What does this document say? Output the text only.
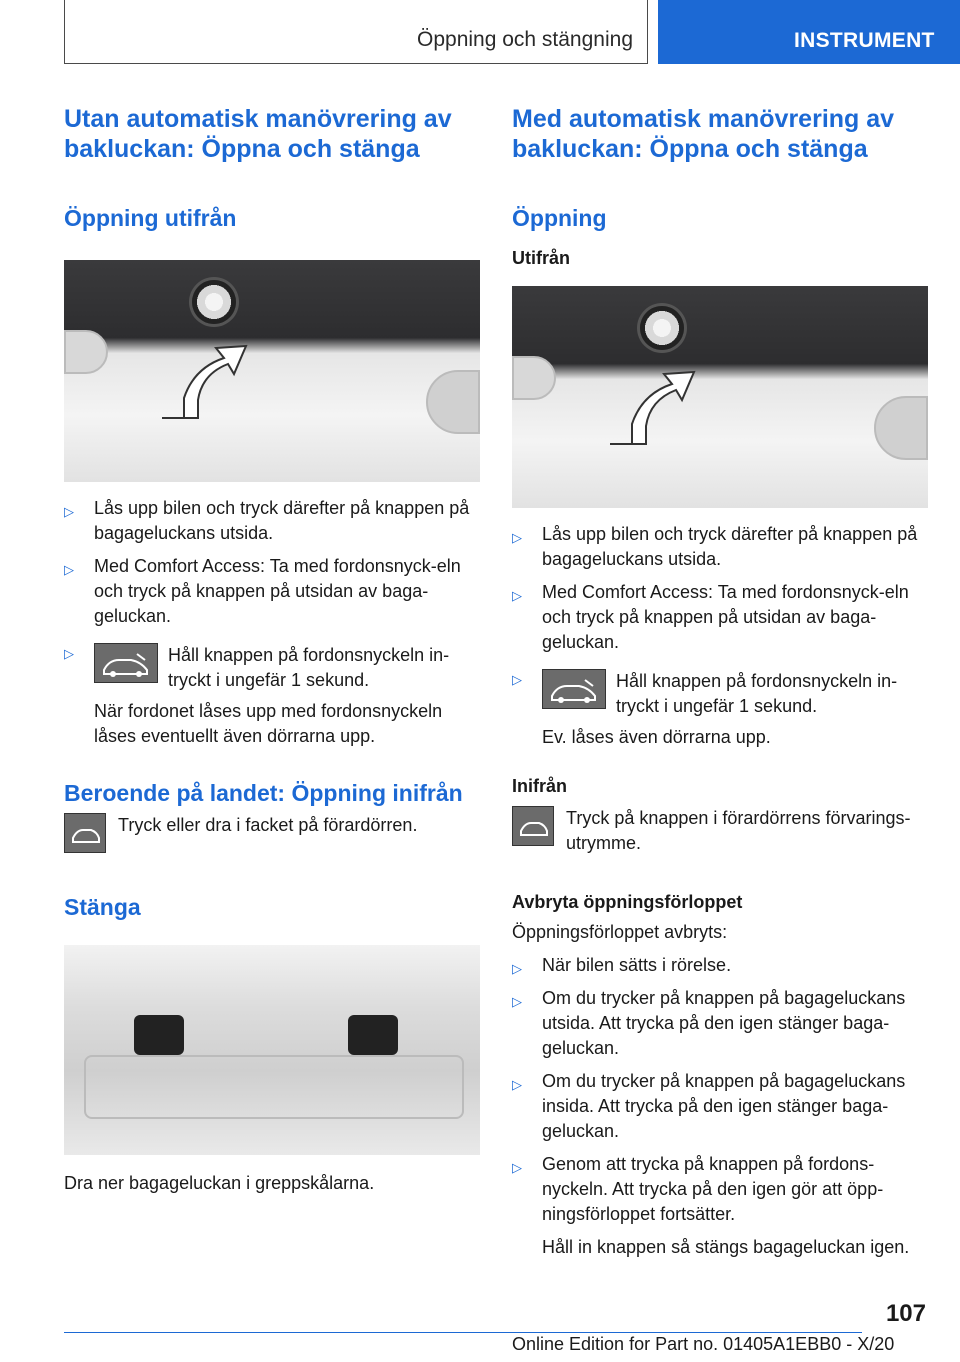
Öppning och stängning	INSTRUMENT
Utan automatisk manövrering av bakluckan: Öppna och stänga
Öppning utifrån
▷ Lås upp bilen och tryck därefter på knappen på bagageluckans utsida.
▷ Med Comfort Access: Ta med fordonsnyck-eln och tryck på knappen på utsidan av baga-geluckan.
▷	Håll knappen på fordonsnyckeln in-tryckt i ungefär 1 sekund.

När fordonet låses upp med fordonsnyckeln låses eventuellt även dörrarna upp.

Beroende på landet: Öppning inifrån

Tryck eller dra i facket på förardörren.

Stänga

Dra ner bagageluckan i greppskålarna.

Med automatisk manövrering av bakluckan: Öppna och stänga
Öppning
Utifrån
▷ Lås upp bilen och tryck därefter på knappen på bagageluckans utsida.
▷ Med Comfort Access: Ta med fordonsnyck-eln och tryck på knappen på utsidan av baga-geluckan.
▷	Håll knappen på fordonsnyckeln in-tryckt i ungefär 1 sekund.

Ev. låses även dörrarna upp.

Inifrån

Tryck på knappen i förardörrens förvarings-utrymme.

Avbryta öppningsförloppet

Öppningsförloppet avbryts:

▷ När bilen sätts i rörelse.
▷ Om du trycker på knappen på bagageluckans utsida. Att trycka på den igen stänger baga-geluckan.
▷ Om du trycker på knappen på bagageluckans insida. Att trycka på den igen stänger baga-geluckan.
▷ Genom att trycka på knappen på fordons-nyckeln. Att trycka på den igen gör att öpp-ningsförloppet fortsätter.

Håll in knappen så stängs bagageluckan igen.

107
Online Edition for Part no. 01405A1EBB0 - X/20
